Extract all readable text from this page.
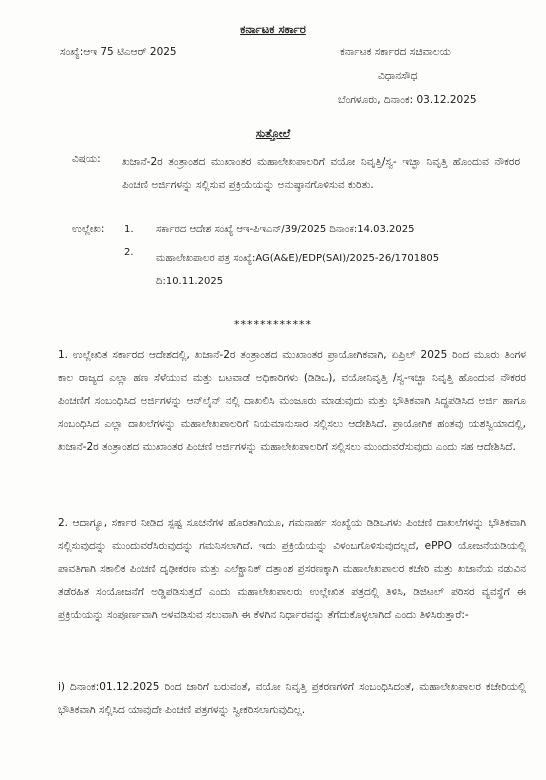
ಕರ್ನಾಟಕ ಸರ್ಕಾರ
ಸಂಖ್ಯೆ:ಆಇ 75 ಟಿಎಆರ್ 2025	ಕರ್ನಾಟಕ ಸರ್ಕಾರದ ಸಚಿವಾಲಯ
ವಿಧಾನಸೌಧ
ಬೆಂಗಳೂರು, ದಿನಾಂಕ: 03.12.2025
ಸುತ್ತೋಲೆ
ವಿಷಯ: ಖಜಾನೆ-2ರ ತಂತ್ರಾಂಶದ ಮುಖಾಂತರ ಮಹಾಲೇಖಪಾಲರಿಗೆ ವಯೋ ನಿವೃತ್ತಿ/ಸ್ವ- ಇಚ್ಛಾ ನಿವೃತ್ತಿ ಹೊಂದುವ ನೌಕರರ ಪಿಂಚಣಿ ಅರ್ಜಿಗಳನ್ನು ಸಲ್ಲಿಸುವ ಪ್ರಕ್ರಿಯೆಯನ್ನು ಅನುಷ್ಠಾನಗೊಳಿಸುವ ಕುರಿತು.
ಉಲ್ಲೇಖ: 1. ಸರ್ಕಾರದ ಆದೇಶ ಸಂಖ್ಯೆ ಆಇ-ಪಿಇಎನ್/39/2025 ದಿನಾಂಕ:14.03.2025
2.
ಮಹಾಲೇಖಪಾಲರ ಪತ್ರ ಸಂಖ್ಯೆ:AG(A&E)/EDP(SAI)/2025-26/1701805 ದಿ:10.11.2025
************
1. ಉಲ್ಲೇಖಿತ ಸರ್ಕಾರದ ಆದೇಶದಲ್ಲಿ, ಖಜಾನೆ-2ರ ತಂತ್ರಾಂಶದ ಮುಖಾಂತರ ಪ್ರಾಯೋಗಿಕವಾಗಿ, ಏಪ್ರಿಲ್ 2025 ರಿಂದ ಮೂರು ತಿಂಗಳ ಕಾಲ ರಾಜ್ಯದ ಎಲ್ಲಾ ಹಣ ಸೆಳೆಯುವ ಮತ್ತು ಬಟವಾಡೆ ಅಧಿಕಾರಿಗಳು (ಡಿಡಿಒ), ವಯೋನಿವೃತ್ತಿ /ಸ್ವ-ಇಚ್ಛಾ ನಿವೃತ್ತಿ ಹೊಂದುವ ನೌಕರರ ಪಿಂಚಣಿಗೆ ಸಂಬಂಧಿಸಿದ ಅರ್ಜಿಗಳನ್ನು ಆನ್‌ಲೈನ್ ನಲ್ಲಿ ದಾಖಲಿಸಿ ಮಂಜೂರು ಮಾಡುವುದು ಮತ್ತು ಭೌತಿಕವಾಗಿ ಸಿದ್ಧಪಡಿಸಿದ ಅರ್ಜಿ ಹಾಗೂ ಸಂಬಂಧಿಸಿದ ಎಲ್ಲಾ ದಾಖಲೆಗಳನ್ನು ಮಹಾಲೇಖಪಾಲರಿಗೆ ನಿಯಮಾನುಸಾರ ಸಲ್ಲಿಸಲು ಆದೇಶಿಸಿದೆ. ಪ್ರಾಯೋಗಿಕ ಹಂತವು ಯಶಸ್ವಿಯಾದಲ್ಲಿ, ಖಜಾನೆ-2ರ ತಂತ್ರಾಂಶದ ಮುಖಾಂತರ ಪಿಂಚಣಿ ಅರ್ಜಿಗಳನ್ನು ಮಹಾಲೇಖಪಾಲರಿಗೆ ಸಲ್ಲಿಸಲು ಮುಂದುವರೆಸುವುದು ಎಂದು ಸಹ ಆದೇಶಿಸಿದೆ.
2. ಆದಾಗ್ಯೂ, ಸರ್ಕಾರ ನೀಡಿದ ಸ್ಪಷ್ಟ ಸೂಚನೆಗಳ ಹೊರತಾಗಿಯೂ, ಗಮನಾರ್ಹ ಸಂಖ್ಯೆಯ ಡಿಡಿಒಗಳು ಪಿಂಚಣಿ ದಾಖಲೆಗಳನ್ನು ಭೌತಿಕವಾಗಿ ಸಲ್ಲಿಸುವುದನ್ನು ಮುಂದುವರೆಸಿರುವುದನ್ನು ಗಮನಿಸಲಾಗಿದೆ. ಇದು ಪ್ರಕ್ರಿಯೆಯನ್ನು ವಿಳಂಬಗೊಳಿಸುವುದಲ್ಲದೆ, ePPO ಯೋಜನೆಯಡಿಯಲ್ಲಿ ಪಾವತಿಗಾಗಿ ಸಕಾಲಿಕ ಪಿಂಚಣಿ ದೃಢೀಕರಣ ಮತ್ತು ಎಲೆಕ್ಟ್ರಾನಿಕ್ ದತ್ತಾಂಶ ಪ್ರಸರಣಕ್ಕಾಗಿ ಮಹಾಲೇಖಪಾಲರ ಕಚೇರಿ ಮತ್ತು ಖಜಾನೆಯ ನಡುವಿನ ತಡೆರಹಿತ ಸಂಯೋಜನೆಗೆ ಅಡ್ಡಿಪಡಿಸುತ್ತದೆ ಎಂದು ಮಹಾಲೇಖಪಾಲರು ಉಲ್ಲೇಖಿತ ಪತ್ರದಲ್ಲಿ ತಿಳಿಸಿ, ಡಿಜಿಟಲ್ ಪರಿಸರ ವ್ಯವಸ್ಥೆಗೆ ಈ ಪ್ರಕ್ರಿಯೆಯನ್ನು ಸಂಪೂರ್ಣವಾಗಿ ಅಳವಡಿಸುವ ಸಲುವಾಗಿ ಈ ಕೆಳಗಿನ ನಿರ್ಧಾರವನ್ನು ತೆಗೆದುಕೊಳ್ಳಲಾಗಿದೆ ಎಂದು ತಿಳಿಸಿರುತ್ತಾರೆ:-
i) ದಿನಾಂಕ:01.12.2025 ರಿಂದ ಜಾರಿಗೆ ಬರುವಂತೆ, ವಯೋ ನಿವೃತ್ತಿ ಪ್ರಕರಣಗಳಿಗೆ ಸಂಬಂಧಿಸಿದಂತೆ, ಮಹಾಲೇಖಪಾಲರ ಕಚೇರಿಯಲ್ಲಿ ಭೌತಿಕವಾಗಿ ಸಲ್ಲಿಸಿದ ಯಾವುದೇ ಪಿಂಚಣಿ ಪತ್ರಗಳನ್ನು ಸ್ವೀಕರಿಸಲಾಗುವುದಿಲ್ಲ.
